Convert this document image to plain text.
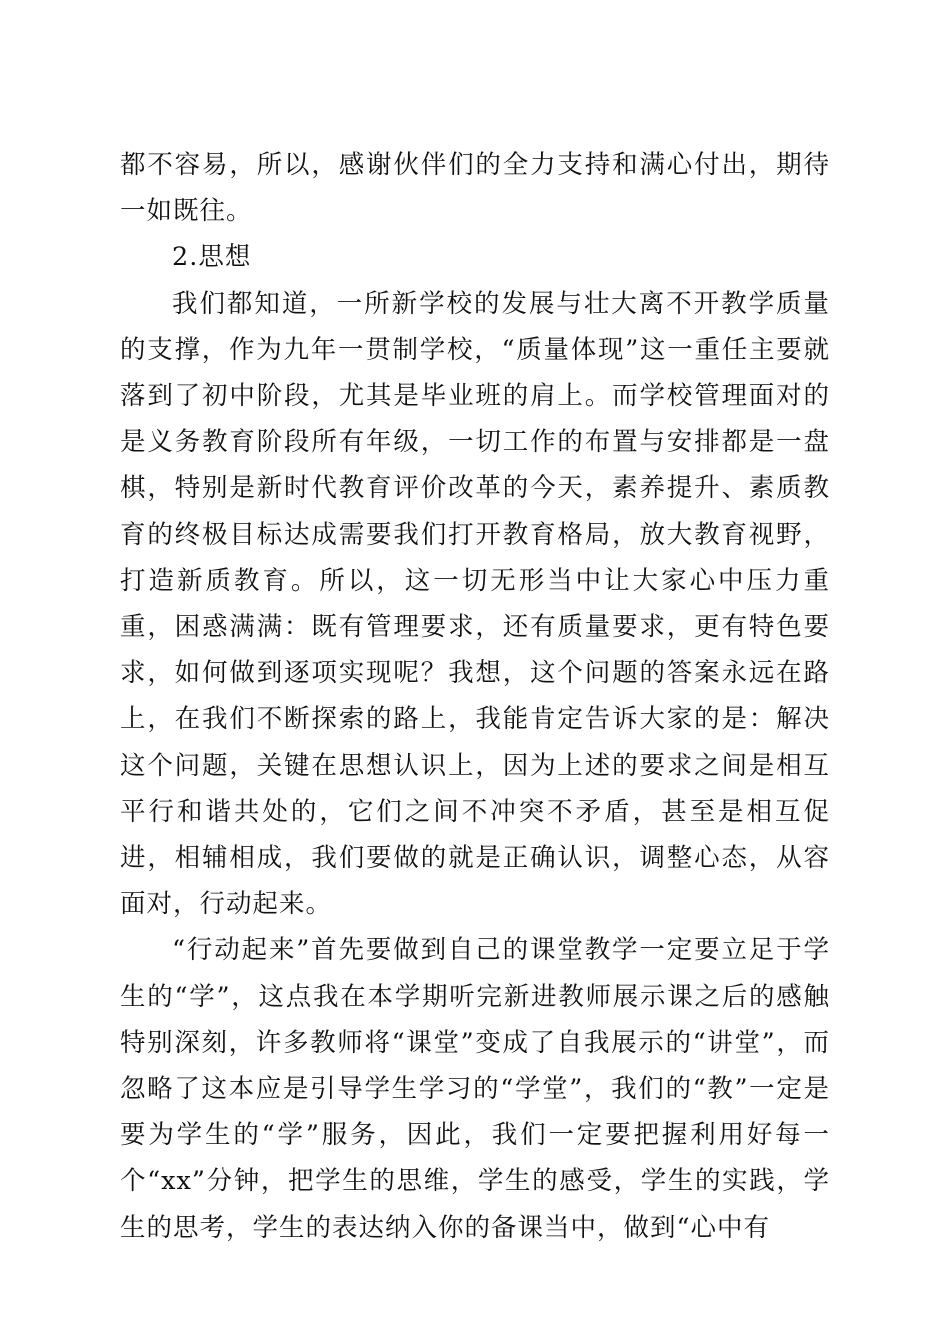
都不容易，所以，感谢伙伴们的全力支持和满心付出，期待一如既往。

2.思想

我们都知道，一所新学校的发展与壮大离不开教学质量的支撑，作为九年一贯制学校，“质量体现”这一重任主要就落到了初中阶段，尤其是毕业班的肩上。而学校管理面对的是义务教育阶段所有年级，一切工作的布置与安排都是一盘棋，特别是新时代教育评价改革的今天，素养提升、素质教育的终极目标达成需要我们打开教育格局，放大教育视野，打造新质教育。所以，这一切无形当中让大家心中压力重重，困惑满满：既有管理要求，还有质量要求，更有特色要求，如何做到逐项实现呢？我想，这个问题的答案永远在路上，在我们不断探索的路上，我能肯定告诉大家的是：解决这个问题，关键在思想认识上，因为上述的要求之间是相互平行和谐共处的，它们之间不冲突不矛盾，甚至是相互促进，相辅相成，我们要做的就是正确认识，调整心态，从容面对，行动起来。

“行动起来”首先要做到自己的课堂教学一定要立足于学生的“学”，这点我在本学期听完新进教师展示课之后的感触特别深刻，许多教师将“课堂”变成了自我展示的“讲堂”，而忽略了这本应是引导学生学习的“学堂”，我们的“教”一定是要为学生的“学”服务，因此，我们一定要把握利用好每一个“xx”分钟，把学生的思维，学生的感受，学生的实践，学生的思考，学生的表达纳入你的备课当中，做到“心中有
